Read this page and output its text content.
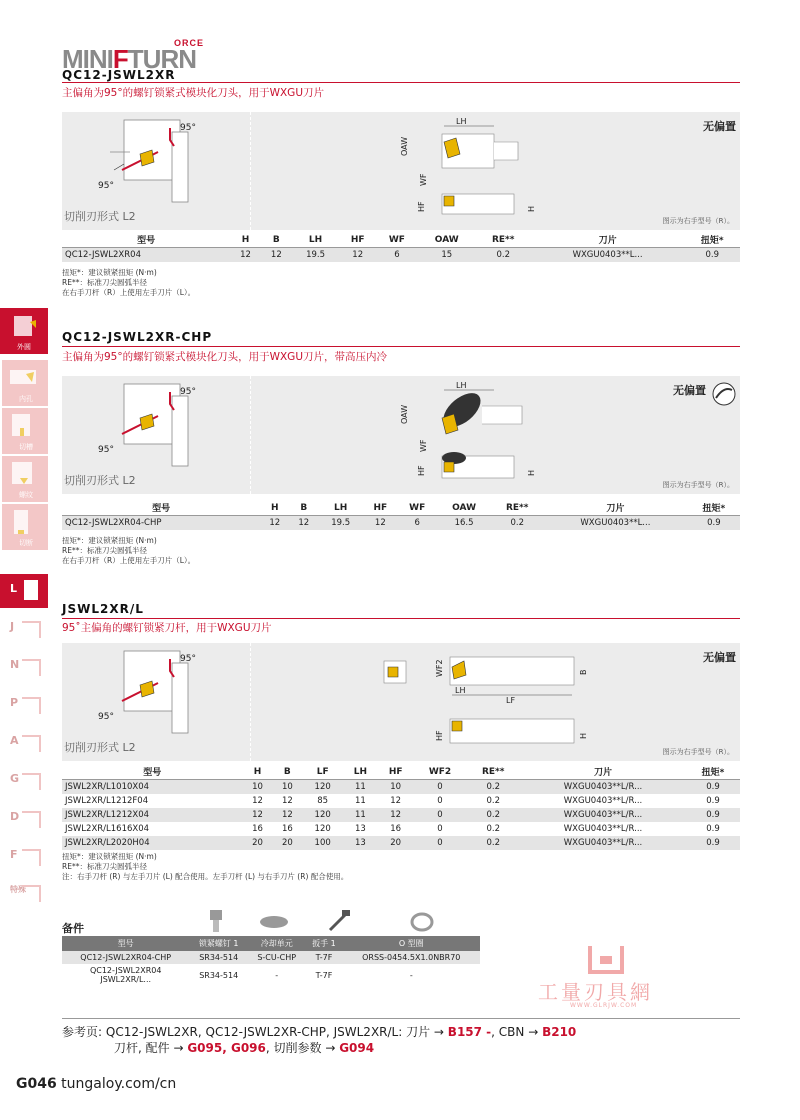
MINIFTURN
ORCE
QC12-JSWL2XR
主偏角为95°的螺钉锁紧式模块化刀头，用于WXGU刀片
95°
95°
LH
OAW
WF
HF	H
切削刃形式 L2
无偏置
图示为右手型号（R）。
型号	H	B	LH	HF	WF	OAW	RE**	刀片	扭矩*
QC12-JSWL2XR04	12	12	19.5	12	6	15	0.2	WXGU0403**L...	0.9
扭矩*：建议锁紧扭矩 (N·m)
RE**：标准刀尖圆弧半径
在右手刀杆（R）上使用左手刀片（L）。
QC12-JSWL2XR-CHP
主偏角为95°的螺钉锁紧式模块化刀头，用于WXGU刀片，带高压内冷
95°
95°
LH
OAW
WF
HF	H
切削刃形式 L2
无偏置
图示为右手型号（R）。
型号	H	B	LH	HF	WF	OAW	RE**	刀片	扭矩*
QC12-JSWL2XR04-CHP	12	12	19.5	12	6	16.5	0.2	WXGU0403**L...	0.9
扭矩*：建议锁紧扭矩 (N·m)
RE**：标准刀尖圆弧半径
在右手刀杆（R）上使用左手刀片（L）。
JSWL2XR/L
95˚主偏角的螺钉锁紧刀杆，用于WXGU刀片
95°
95°
WF2
LH
LF
B
HF	H
切削刃形式 L2
无偏置
图示为右手型号（R）。
型号	H	B	LF	LH	HF	WF2	RE**	刀片	扭矩*
JSWL2XR/L1010X04	10	10	120	11	10	0	0.2	WXGU0403**L/R...	0.9
JSWL2XR/L1212F04	12	12	85	11	12	0	0.2	WXGU0403**L/R...	0.9
JSWL2XR/L1212X04	12	12	120	11	12	0	0.2	WXGU0403**L/R...	0.9
JSWL2XR/L1616X04	16	16	120	13	16	0	0.2	WXGU0403**L/R...	0.9
JSWL2XR/L2020H04	20	20	100	13	20	0	0.2	WXGU0403**L/R...	0.9
扭矩*：建议锁紧扭矩 (N·m)
RE**：标准刀尖圆弧半径
注：右手刀杆 (R) 与左手刀片 (L) 配合使用。左手刀杆 (L) 与右手刀片 (R) 配合使用。
外圆
内孔
切槽
螺纹
切断
L
J
N
P
A
G
D
F
特殊
备件
型号	锁紧螺钉 1	冷却单元	扳手 1	O 型圈
QC12-JSWL2XR04-CHP	SR34-514	S-CU-CHP	T-7F	ORSS-0454.5X1.0NBR70
QC12-JSWL2XR04
JSWL2XR/L...	SR34-514	-	T-7F	-
工量刃具網
WWW.GLRJW.COM
参考页: QC12-JSWL2XR, QC12-JSWL2XR-CHP, JSWL2XR/L: 刀片 → B157 -, CBN → B210
刀杆, 配件 → G095, G096, 切削参数 → G094
G046 tungaloy.com/cn
